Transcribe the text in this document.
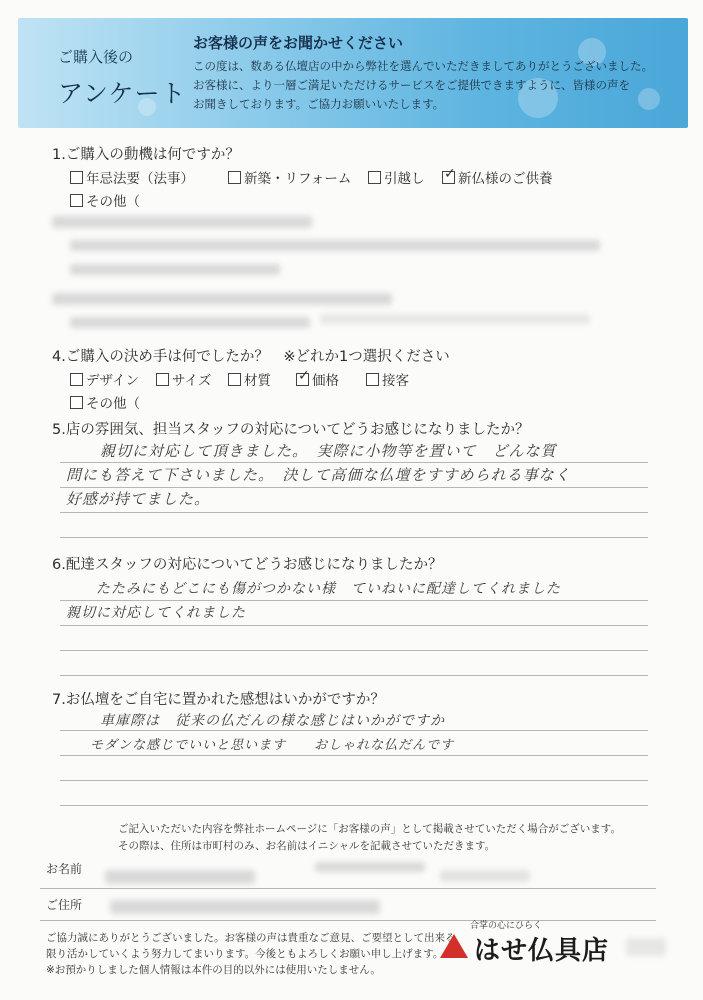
ご購入後の
アンケート
お客様の声をお聞かせください
この度は、数ある仏壇店の中から弊社を選んでいただきましてありがとうございました。
お客様に、より一層ご満足いただけるサービスをご提供できますように、皆様の声を
お聞きしております。ご協力お願いいたします。
1.ご購入の動機は何ですか？
年忌法要（法事）	新築・リフォーム	引越し ✓ 新仏様のご供養
その他（
4.ご購入の決め手は何でしたか？　※どれか1つ選択ください
デザイン	サイズ	材質 ✓ 価格	接客
その他（
5.店の雰囲気、担当スタッフの対応についてどうお感じになりましたか？
親切に対応して頂きました。　実際に小物等を置いて　どんな質
問にも答えて下さいました。　決して高価な仏壇をすすめられる事なく
好感が持てました。
6.配達スタッフの対応についてどうお感じになりましたか？
たたみにもどこにも傷がつかない様　ていねいに配達してくれました
親切に対応してくれました
7.お仏壇をご自宅に置かれた感想はいかがですか？
車庫際は　従来の仏だんの様な感じはいかがですか
モダンな感じでいいと思います　　おしゃれな仏だんです
ご記入いただいた内容を弊社ホームページに「お客様の声」として掲載させていただく場合がございます。
その際は、住所は市町村のみ、お名前はイニシャルを記載させていただきます。
お名前
ご住所
ご協力誠にありがとうございました。お客様の声は貴重なご意見、ご要望として出来る
限り活かしていくよう努力してまいります。今後ともよろしくお願い申し上げます。
※お預かりしました個人情報は本件の目的以外には使用いたしません。
合掌の心にひらく
はせ仏具店
